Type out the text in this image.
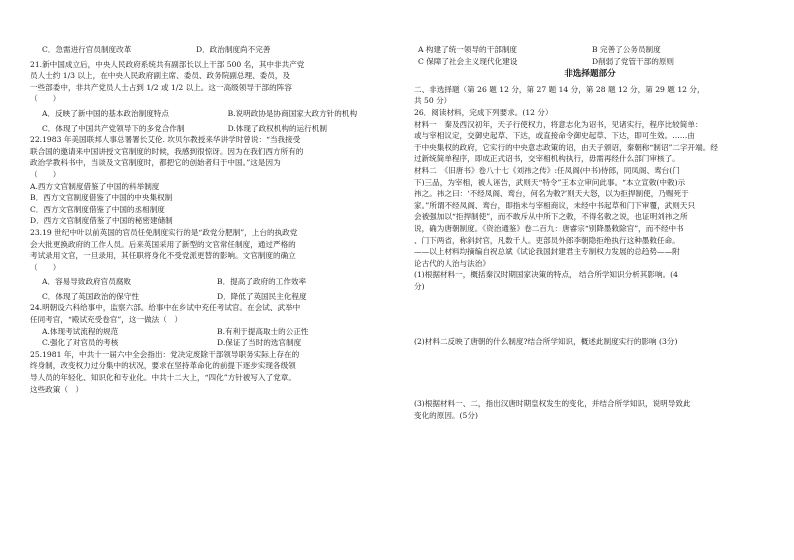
C．急需进行官员制度改革	D．政治制度尚不完善
21.新中国成立后，中央人民政府系统共有副部长以上干部 500 名，其中非共产党
员人士约 1/3 以上，在中央人民政府副主席、委员、政务院副总理、委员，及
一些部委中，非共产党员人士占到 1/2 或 1/2 以上。这一高级领导干部的阵容
（　　）
A．反映了新中国的基本政治制度特点	B.说明政协是协商国家大政方针的机构
C．体现了中国共产党领导下的多党合作制	D.体现了政权机构的运行机制
22.1983 年美国联邦人事总署署长艾伦. 坎贝尔教授来华讲学时曾说：“当我接受
联合国的邀请来中国讲授文官制度的时候，我感到很惊讶。因为在我们西方所有的
政治学教科书中，当谈及文官制度时，都把它的创始者归于中国。”这是因为
（　　）
A.西方文官制度借鉴了中国的科举制度
B．西方文官制度借鉴了中国的中央集权制
C．西方文官制度借鉴了中国的丞相制度
D．西方文官制度借鉴了中国的秘密建储制
23.19 世纪中叶以前英国的官员任免制度实行的是“政党分肥制”，上台的执政党
会大批更换政府的工作人员。后来英国采用了新型的文官常任制度，通过严格的
考试录用文官，一旦录用，其任职将身化不受党派更替的影响。文官制度的确立
（　　）
A．容易导致政府官员腐败	B．提高了政府的工作效率
C．体现了英国政治的保守性	D．降低了英国民主化程度
24.明朝设六科给事中，监察六部。给事中在乡试中充任考试官。在会试、武举中
任同考官，“殿试充受卷官”，这一做法（　）
A.体现考试流程的规范	B.有利于提高取士的公正性
C.强化了对官员的考核	D.保证了当时的选官制度
25.1981 年，中共十一届六中全会指出：党决定废除干部领导职务实际上存在的
终身制，改变权力过分集中的状况，要求在坚持革命化的前提下逐步实现各级领
导人员的年轻化、知识化和专业化。中共十二大上，“四化”方针被写入了党章。
这些政策（　）
A 构建了统一领导的干部制度	B 完善了公务员制度
C 保障了社会主义现代化建设	D削弱了党管干部的原则
非选择题部分
二、非选择题（第 26 题 12 分，第 27 题 14 分，第 28 题 12 分，第 29 题 12 分，
共 50 分）
26．阅读材料，完成下列要求。(12 分）
材料一　秦及西汉初年，天子行使权力，将意志化为诏书，见诸实行，程序比较简单：
或与宰相议定，交御史起草、下达，或直接命令御史起草、下达，即可生效。……由
于中央集权的政府，它实行的中央意志政策的诏，由天子颁诏，秦朝称“制诏”二字开端。经
过新统简单程序，即成正式诏书，交宰相机构执行，毋需再经什么部门审核了。
材料二　《旧唐书》卷八十七《刘祎之传》:任凤阁(中书)侍郎，同凤阁、鸾台(门
下)三品，为宰相，被人诬告，武则天“特令”王本立审问此事。“本立宣敕(中敕)示
祎之。祎之曰：‘不经凤阁、鸾台，何名为敕?’则天大怒，以为拒捍制使，乃赐死于
家。”所谓不经凤阁、鸾台，即指未与宰相商议，未经中书起草和门下审覆，武则天只
会被强加以“拒捍制使”，而不敢斥从中所下之敕，不得名敕之说，也证明刘祎之所
说，确为唐朝制度。《资治通鉴》卷二百九：唐睿宗“别降墨敕除官”，而不经中书
、门下两省，称斜封官，凡数千人。吏部员外郎李朝隐拒绝执行这种墨敕任命。
——以上材料均摘编自祝总斌《试论我国封建君主专制权力发展的总趋势——附
论古代的人治与法治》
(1)根据材料一，概括秦汉时期国家决策的特点， 结合所学知识分析其影响。(4
分)
(2)材料二反映了唐朝的什么制度?结合所学知识，概述此制度实行的影响 (3分)
(3)根据材料一、二，指出汉唐时期皇权发生的变化，并结合所学知识，说明导致此
变化的原因。(5分)
